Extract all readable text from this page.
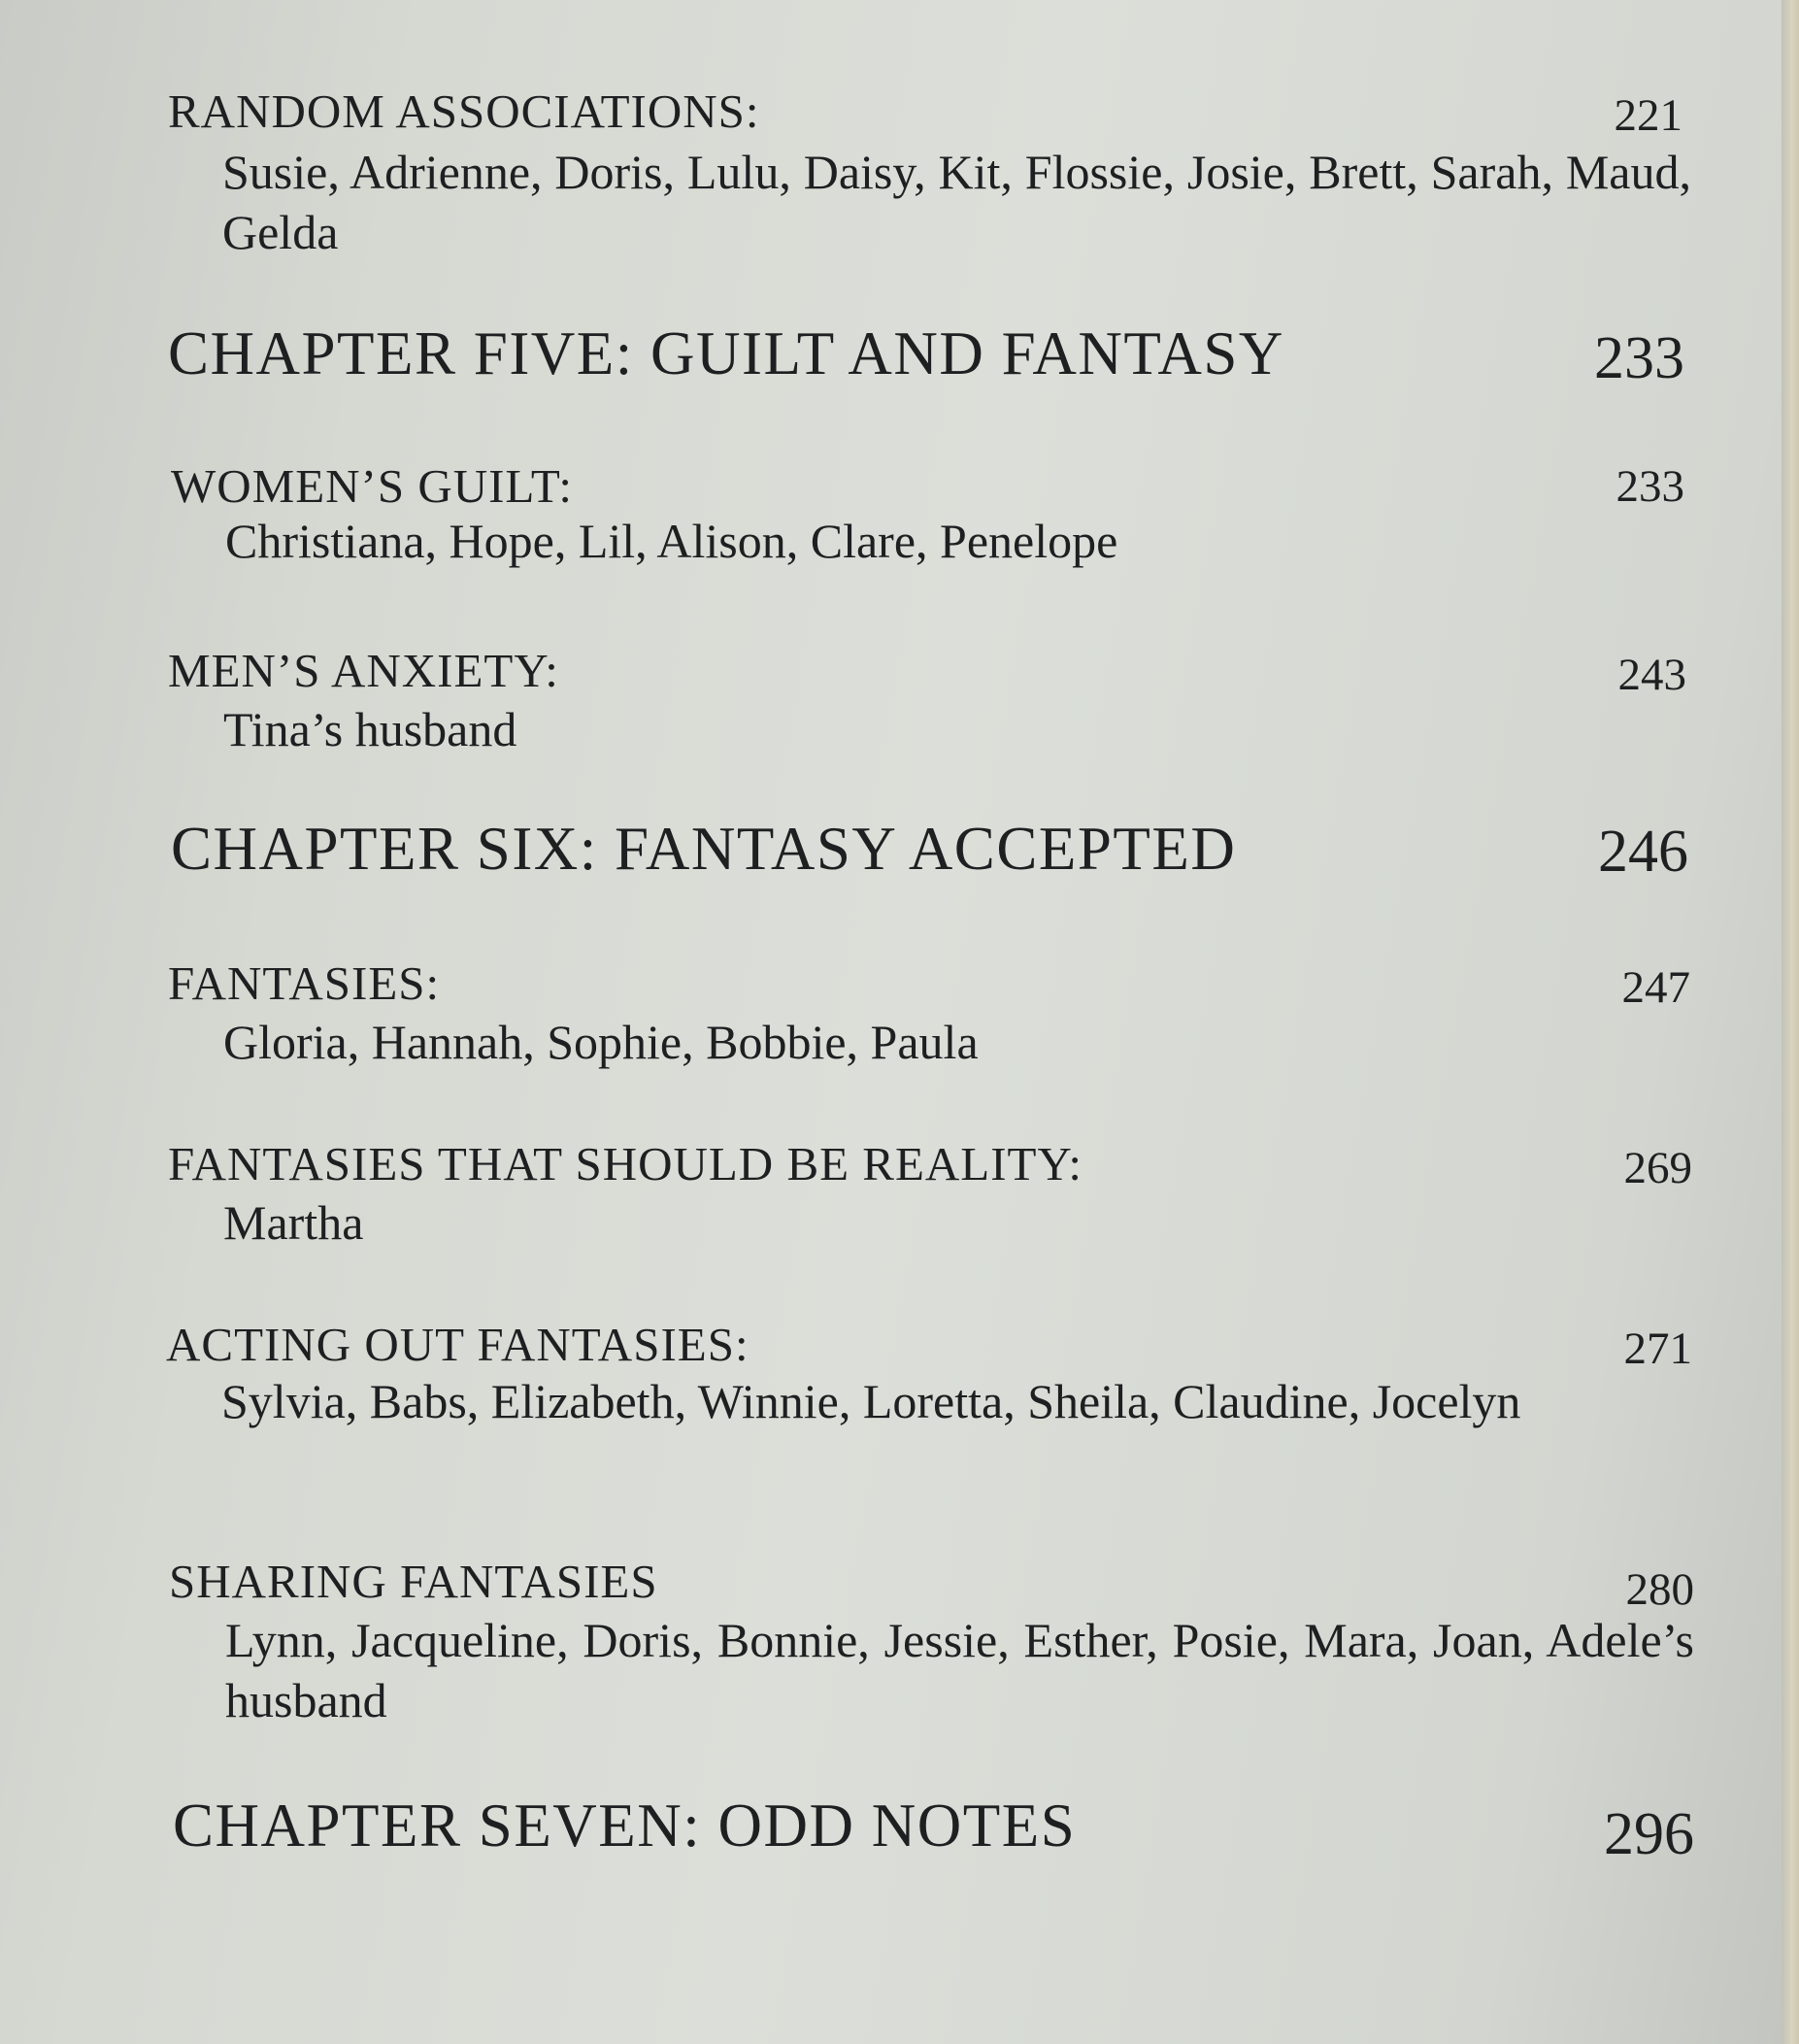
RANDOM ASSOCIATIONS:	221
Susie, Adrienne, Doris, Lulu, Daisy, Kit, Flossie, Josie, Brett, Sarah, Maud, Gelda
CHAPTER FIVE: GUILT AND FANTASY	233
WOMEN’S GUILT:	233
Christiana, Hope, Lil, Alison, Clare, Penelope
MEN’S ANXIETY:	243
Tina’s husband
CHAPTER SIX: FANTASY ACCEPTED	246
FANTASIES:	247
Gloria, Hannah, Sophie, Bobbie, Paula
FANTASIES THAT SHOULD BE REALITY:	269
Martha
ACTING OUT FANTASIES:	271
Sylvia, Babs, Elizabeth, Winnie, Loretta, Sheila, Claudine, Jocelyn
SHARING FANTASIES	280
Lynn, Jacqueline, Doris, Bonnie, Jessie, Esther, Posie, Mara, Joan, Adele’s husband
CHAPTER SEVEN: ODD NOTES	296
